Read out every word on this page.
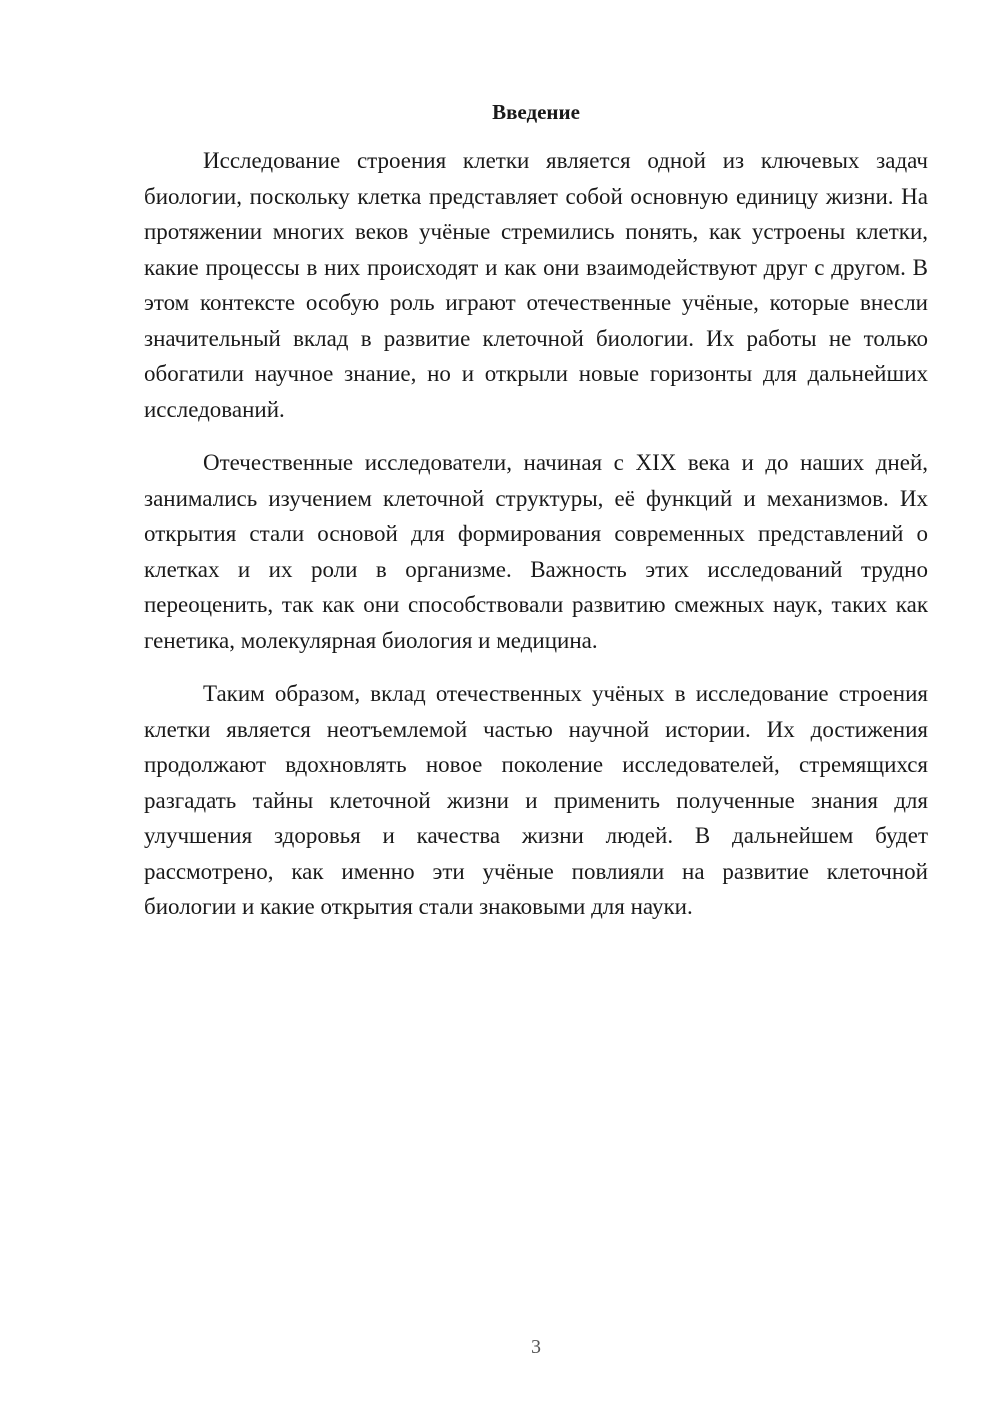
Введение

Исследование строения клетки является одной из ключевых задач биологии, поскольку клетка представляет собой основную единицу жизни. На протяжении многих веков учёные стремились понять, как устроены клетки, какие процессы в них происходят и как они взаимодействуют друг с другом. В этом контексте особую роль играют отечественные учёные, которые внесли значительный вклад в развитие клеточной биологии. Их работы не только обогатили научное знание, но и открыли новые горизонты для дальнейших исследований.

Отечественные исследователи, начиная с XIX века и до наших дней, занимались изучением клеточной структуры, её функций и механизмов. Их открытия стали основой для формирования современных представлений о клетках и их роли в организме. Важность этих исследований трудно переоценить, так как они способствовали развитию смежных наук, таких как генетика, молекулярная биология и медицина.

Таким образом, вклад отечественных учёных в исследование строения клетки является неотъемлемой частью научной истории. Их достижения продолжают вдохновлять новое поколение исследователей, стремящихся разгадать тайны клеточной жизни и применить полученные знания для улучшения здоровья и качества жизни людей. В дальнейшем будет рассмотрено, как именно эти учёные повлияли на развитие клеточной биологии и какие открытия стали знаковыми для науки.

3
